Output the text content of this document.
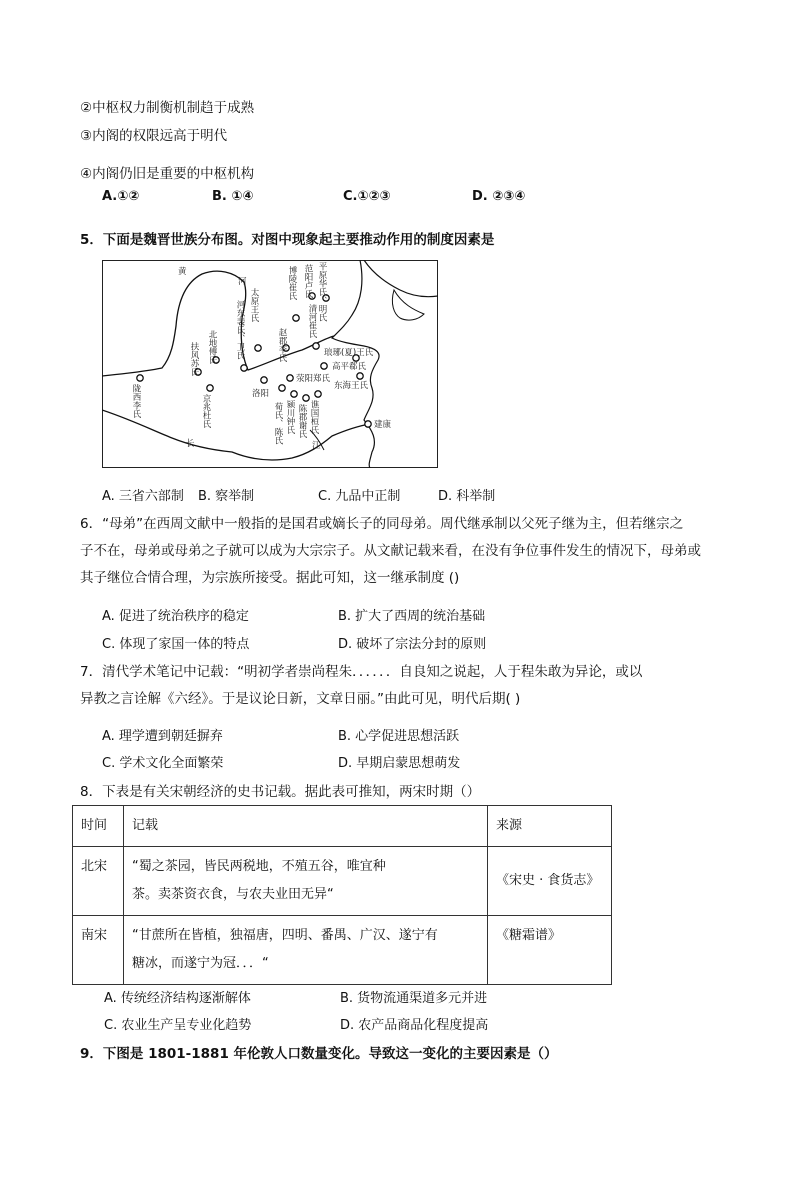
②中枢权力制衡机制趋于成熟
③内阁的权限远高于明代
④内阁仍旧是重要的中枢机构
A.①②	B. ①④	C.①②③	D. ②③④
5．下面是魏晋世族分布图。对图中现象起主要推动作用的制度因素是
黄
河
长	江
陇西李氏
扶风苏氏 北地傅氏
京兆杜氏
河东裴氏、卫氏 太原王氏
洛阳
赵郡李氏
博陵崔氏 范阳卢氏 平原华氏、明氏
清河崔氏
琅琊(夏)王氏
高平郗氏
东海王氏
荥阳郑氏
颍川钟氏
荀氏、陈氏	谯国桓氏
陈郡谢氏	建康
A. 三省六部制 B. 察举制	C. 九品中正制	D. 科举制
6．“母弟”在西周文献中一般指的是国君或嫡长子的同母弟。周代继承制以父死子继为主，但若继宗之
子不在，母弟或母弟之子就可以成为大宗宗子。从文献记载来看，在没有争位事件发生的情况下，母弟或
其子继位合情合理，为宗族所接受。据此可知，这一继承制度 ()
A. 促进了统治秩序的稳定	B. 扩大了西周的统治基础
C. 体现了家国一体的特点	D. 破坏了宗法分封的原则
7．清代学术笔记中记载：“明初学者崇尚程朱．．．．．．自良知之说起，人于程朱敢为异论，或以
异教之言诠解《六经》。于是议论日新，文章日丽。”由此可见，明代后期( )
A. 理学遭到朝廷摒弃	B. 心学促进思想活跃
C. 学术文化全面繁荣	D. 早期启蒙思想萌发
8．下表是有关宋朝经济的史书记载。据此表可推知，两宋时期（）
时间	记载	来源
北宋	“蜀之茶园，皆民两税地，不殖五谷，唯宜种
茶。卖茶资衣食，与农夫业田无异“	《宋史 · 食货志》
南宋	“甘蔗所在皆植，独福唐，四明、番禺、广汉、遂宁有
糖冰，而遂宁为冠．．．“	《糖霜谱》
A. 传统经济结构逐渐解体	B. 货物流通渠道多元并进
C. 农业生产呈专业化趋势	D. 农产品商品化程度提高
9．下图是 1801-1881 年伦敦人口数量变化。导致这一变化的主要因素是（）
